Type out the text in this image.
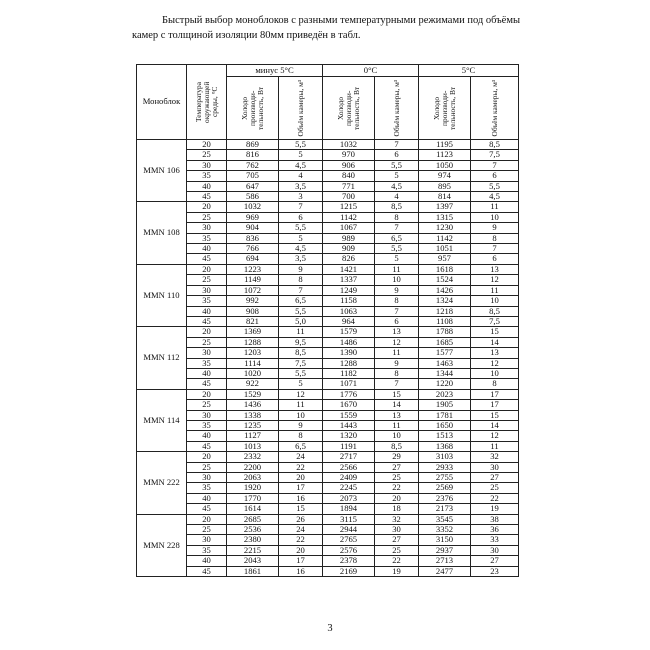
Быстрый выбор моноблоков с разными температурными режимами под объёмы камер с толщиной изоляции 80мм приведён в табл.
Моноблок	Температура окружающей среды, °С	минус 5°С		0°С		5°С	

		Холодо производи- тельность, Вт	Объём камеры, м³	Холодо производи- тельность, Вт	Объём камеры, м³	Холодо производи- тельность, Вт	Объём камеры, м³

MMN 106	20	869	5,5	1032	7	1195	8,5
	25	816	5	970	6	1123	7,5
	30	762	4,5	906	5,5	1050	7
	35	705	4	840	5	974	6
	40	647	3,5	771	4,5	895	5,5
	45	586	3	700	4	814	4,5
MMN 108	20	1032	7	1215	8,5	1397	11
	25	969	6	1142	8	1315	10
	30	904	5,5	1067	7	1230	9
	35	836	5	989	6,5	1142	8
	40	766	4,5	909	5,5	1051	7
	45	694	3,5	826	5	957	6
MMN 110	20	1223	9	1421	11	1618	13
	25	1149	8	1337	10	1524	12
	30	1072	7	1249	9	1426	11
	35	992	6,5	1158	8	1324	10
	40	908	5,5	1063	7	1218	8,5
	45	821	5,0	964	6	1108	7,5
MMN 112	20	1369	11	1579	13	1788	15
	25	1288	9,5	1486	12	1685	14
	30	1203	8,5	1390	11	1577	13
	35	1114	7,5	1288	9	1463	12
	40	1020	5,5	1182	8	1344	10
	45	922	5	1071	7	1220	8
MMN 114	20	1529	12	1776	15	2023	17
	25	1436	11	1670	14	1905	17
	30	1338	10	1559	13	1781	15
	35	1235	9	1443	11	1650	14
	40	1127	8	1320	10	1513	12
	45	1013	6,5	1191	8,5	1368	11
MMN 222	20	2332	24	2717	29	3103	32
	25	2200	22	2566	27	2933	30
	30	2063	20	2409	25	2755	27
	35	1920	17	2245	22	2569	25
	40	1770	16	2073	20	2376	22
	45	1614	15	1894	18	2173	19
MMN 228	20	2685	26	3115	32	3545	38
	25	2536	24	2944	30	3352	36
	30	2380	22	2765	27	3150	33
	35	2215	20	2576	25	2937	30
	40	2043	17	2378	22	2713	27
	45	1861	16	2169	19	2477	23
3
